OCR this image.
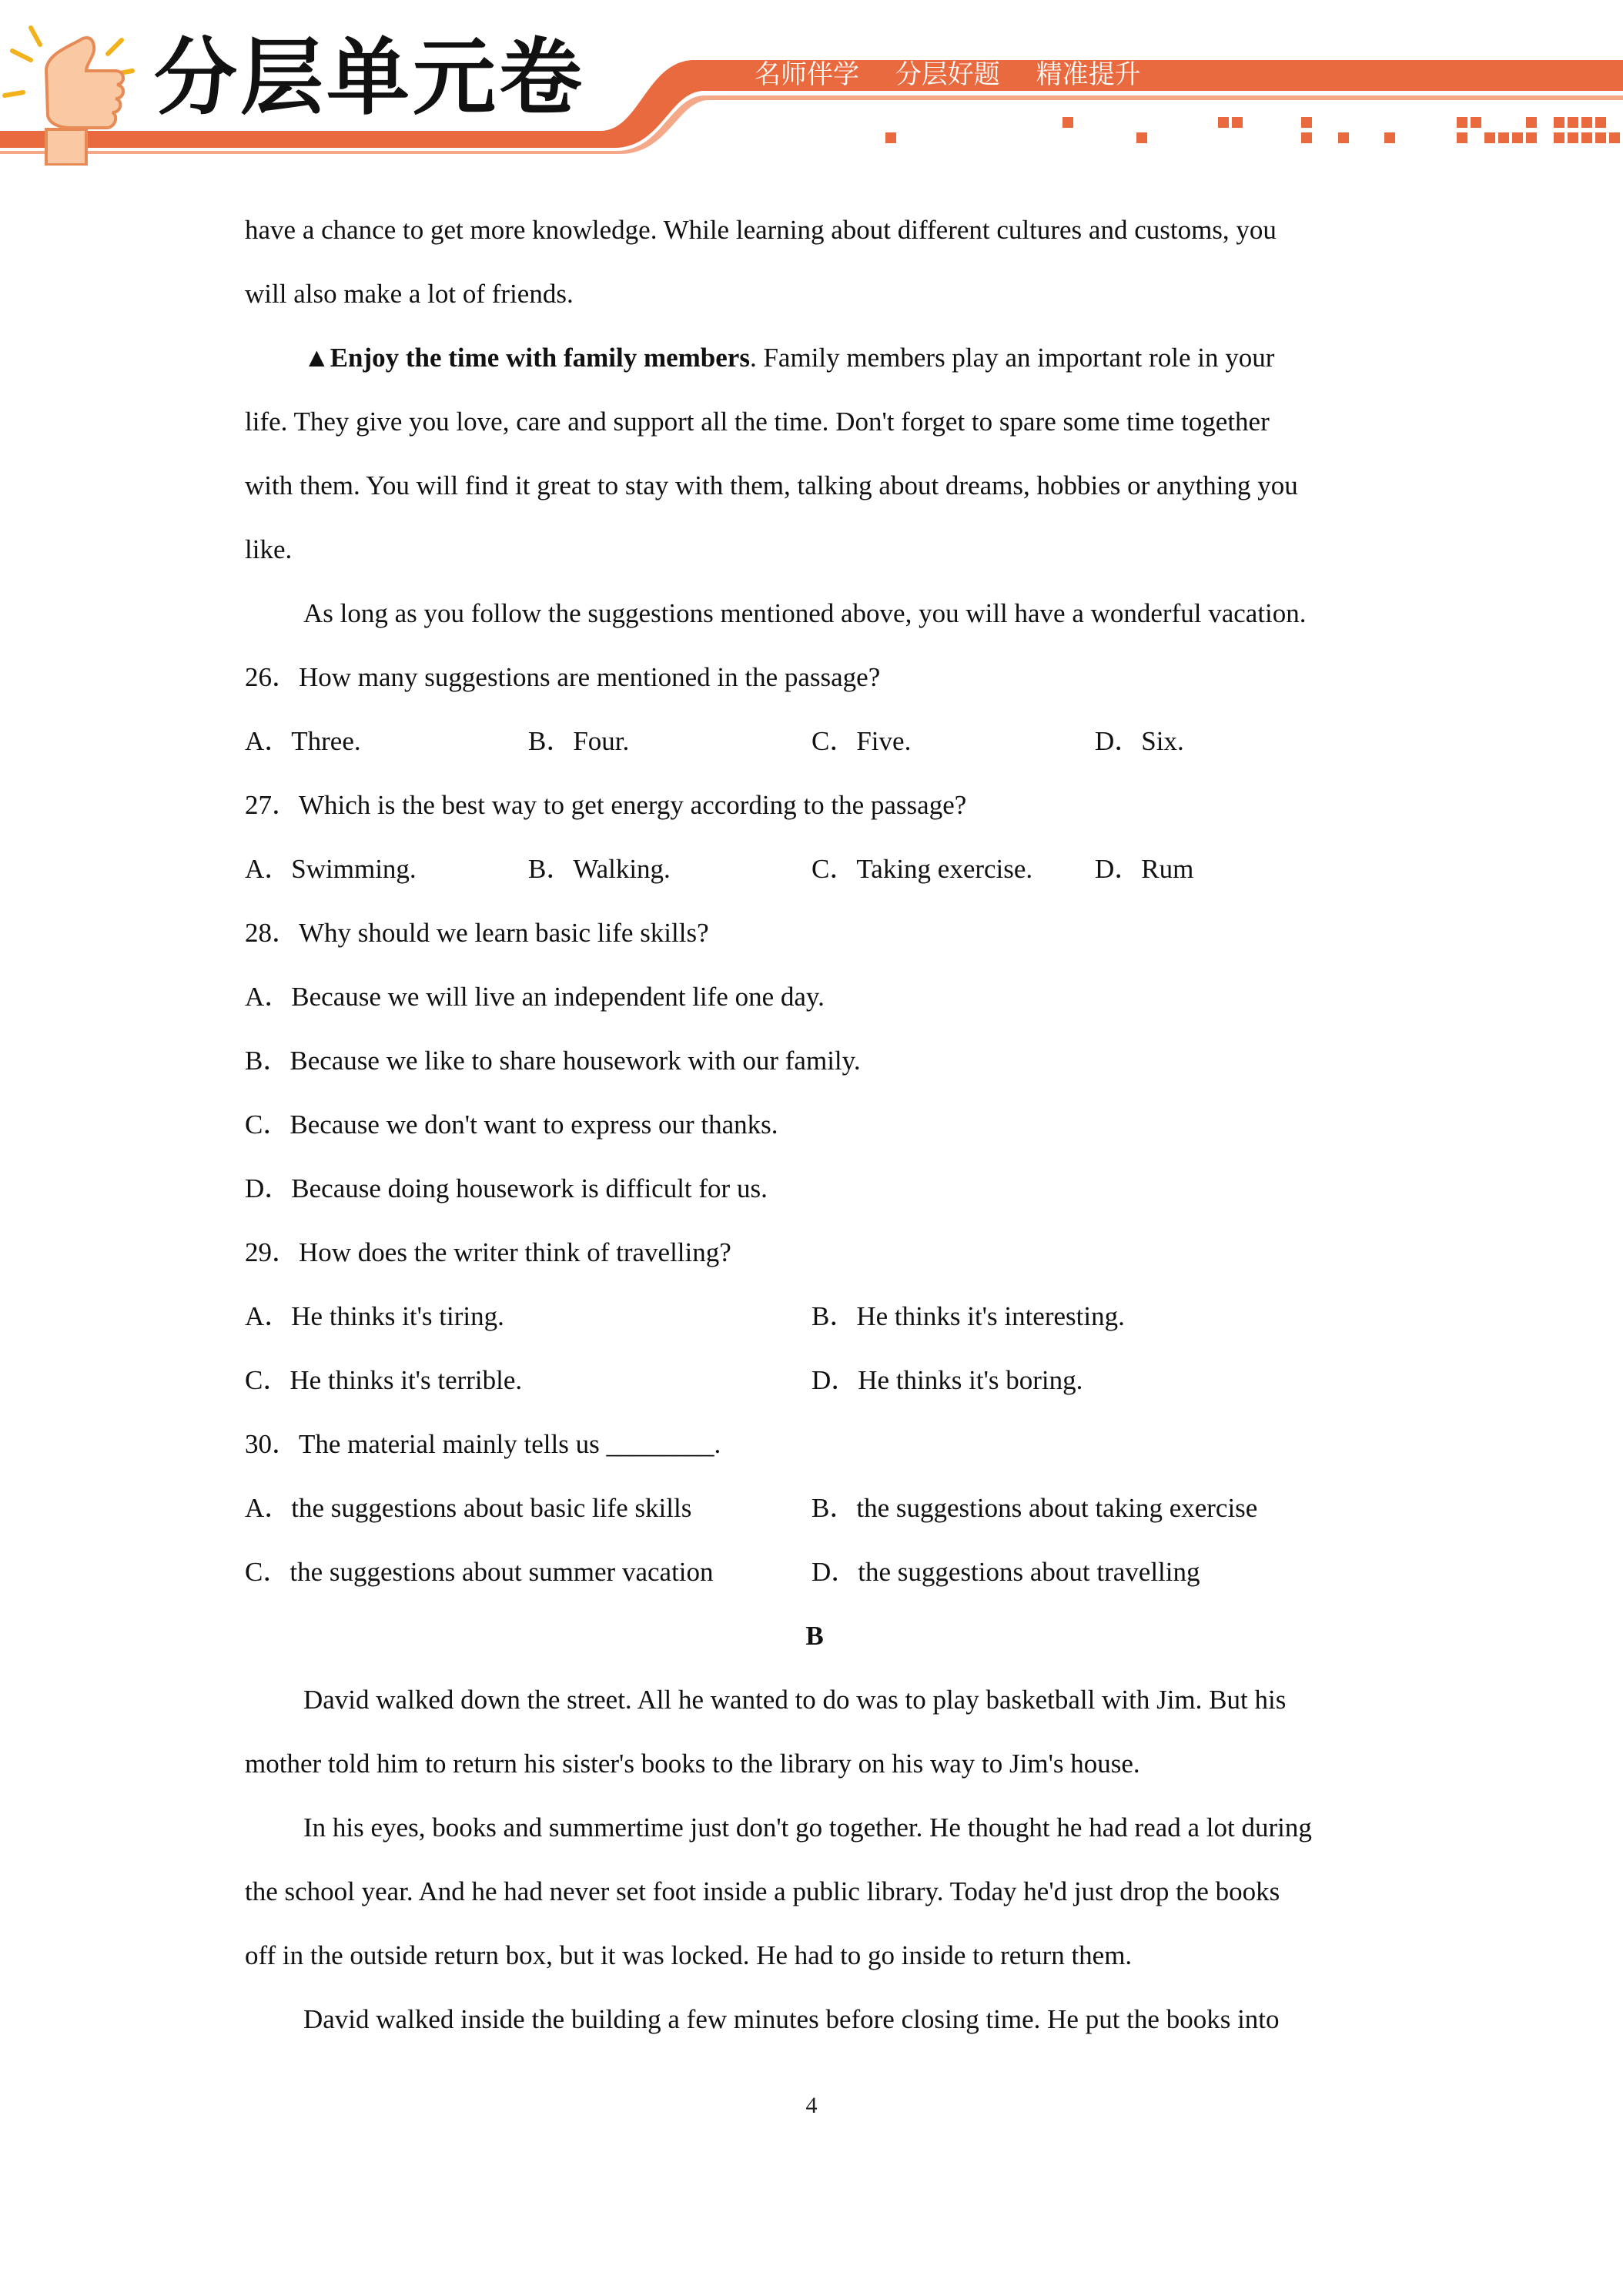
分层单元卷	名师伴学 分层好题 精准提升
have a chance to get more knowledge. While learning about different cultures and customs, you
will also make a lot of friends.
▲Enjoy the time with family members. Family members play an important role in your
life. They give you love, care and support all the time. Don't forget to spare some time together
with them. You will find it great to stay with them, talking about dreams, hobbies or anything you
like.
As long as you follow the suggestions mentioned above, you will have a wonderful vacation.
26．How many suggestions are mentioned in the passage?
A．Three.	B．Four.	C．Five.	D．Six.
27．Which is the best way to get energy according to the passage?
A．Swimming.	B．Walking.	C．Taking exercise.	D．Rum
28．Why should we learn basic life skills?
A．Because we will live an independent life one day.
B．Because we like to share housework with our family.
C．Because we don't want to express our thanks.
D．Because doing housework is difficult for us.
29．How does the writer think of travelling?
A．He thinks it's tiring.	B．He thinks it's interesting.
C．He thinks it's terrible.	D．He thinks it's boring.
30．The material mainly tells us ________.
A．the suggestions about basic life skills	B．the suggestions about taking exercise
C．the suggestions about summer vacation	D．the suggestions about travelling
B
David walked down the street. All he wanted to do was to play basketball with Jim. But his
mother told him to return his sister's books to the library on his way to Jim's house.
In his eyes, books and summertime just don't go together. He thought he had read a lot during
the school year. And he had never set foot inside a public library. Today he'd just drop the books
off in the outside return box, but it was locked. He had to go inside to return them.
David walked inside the building a few minutes before closing time. He put the books into
4
